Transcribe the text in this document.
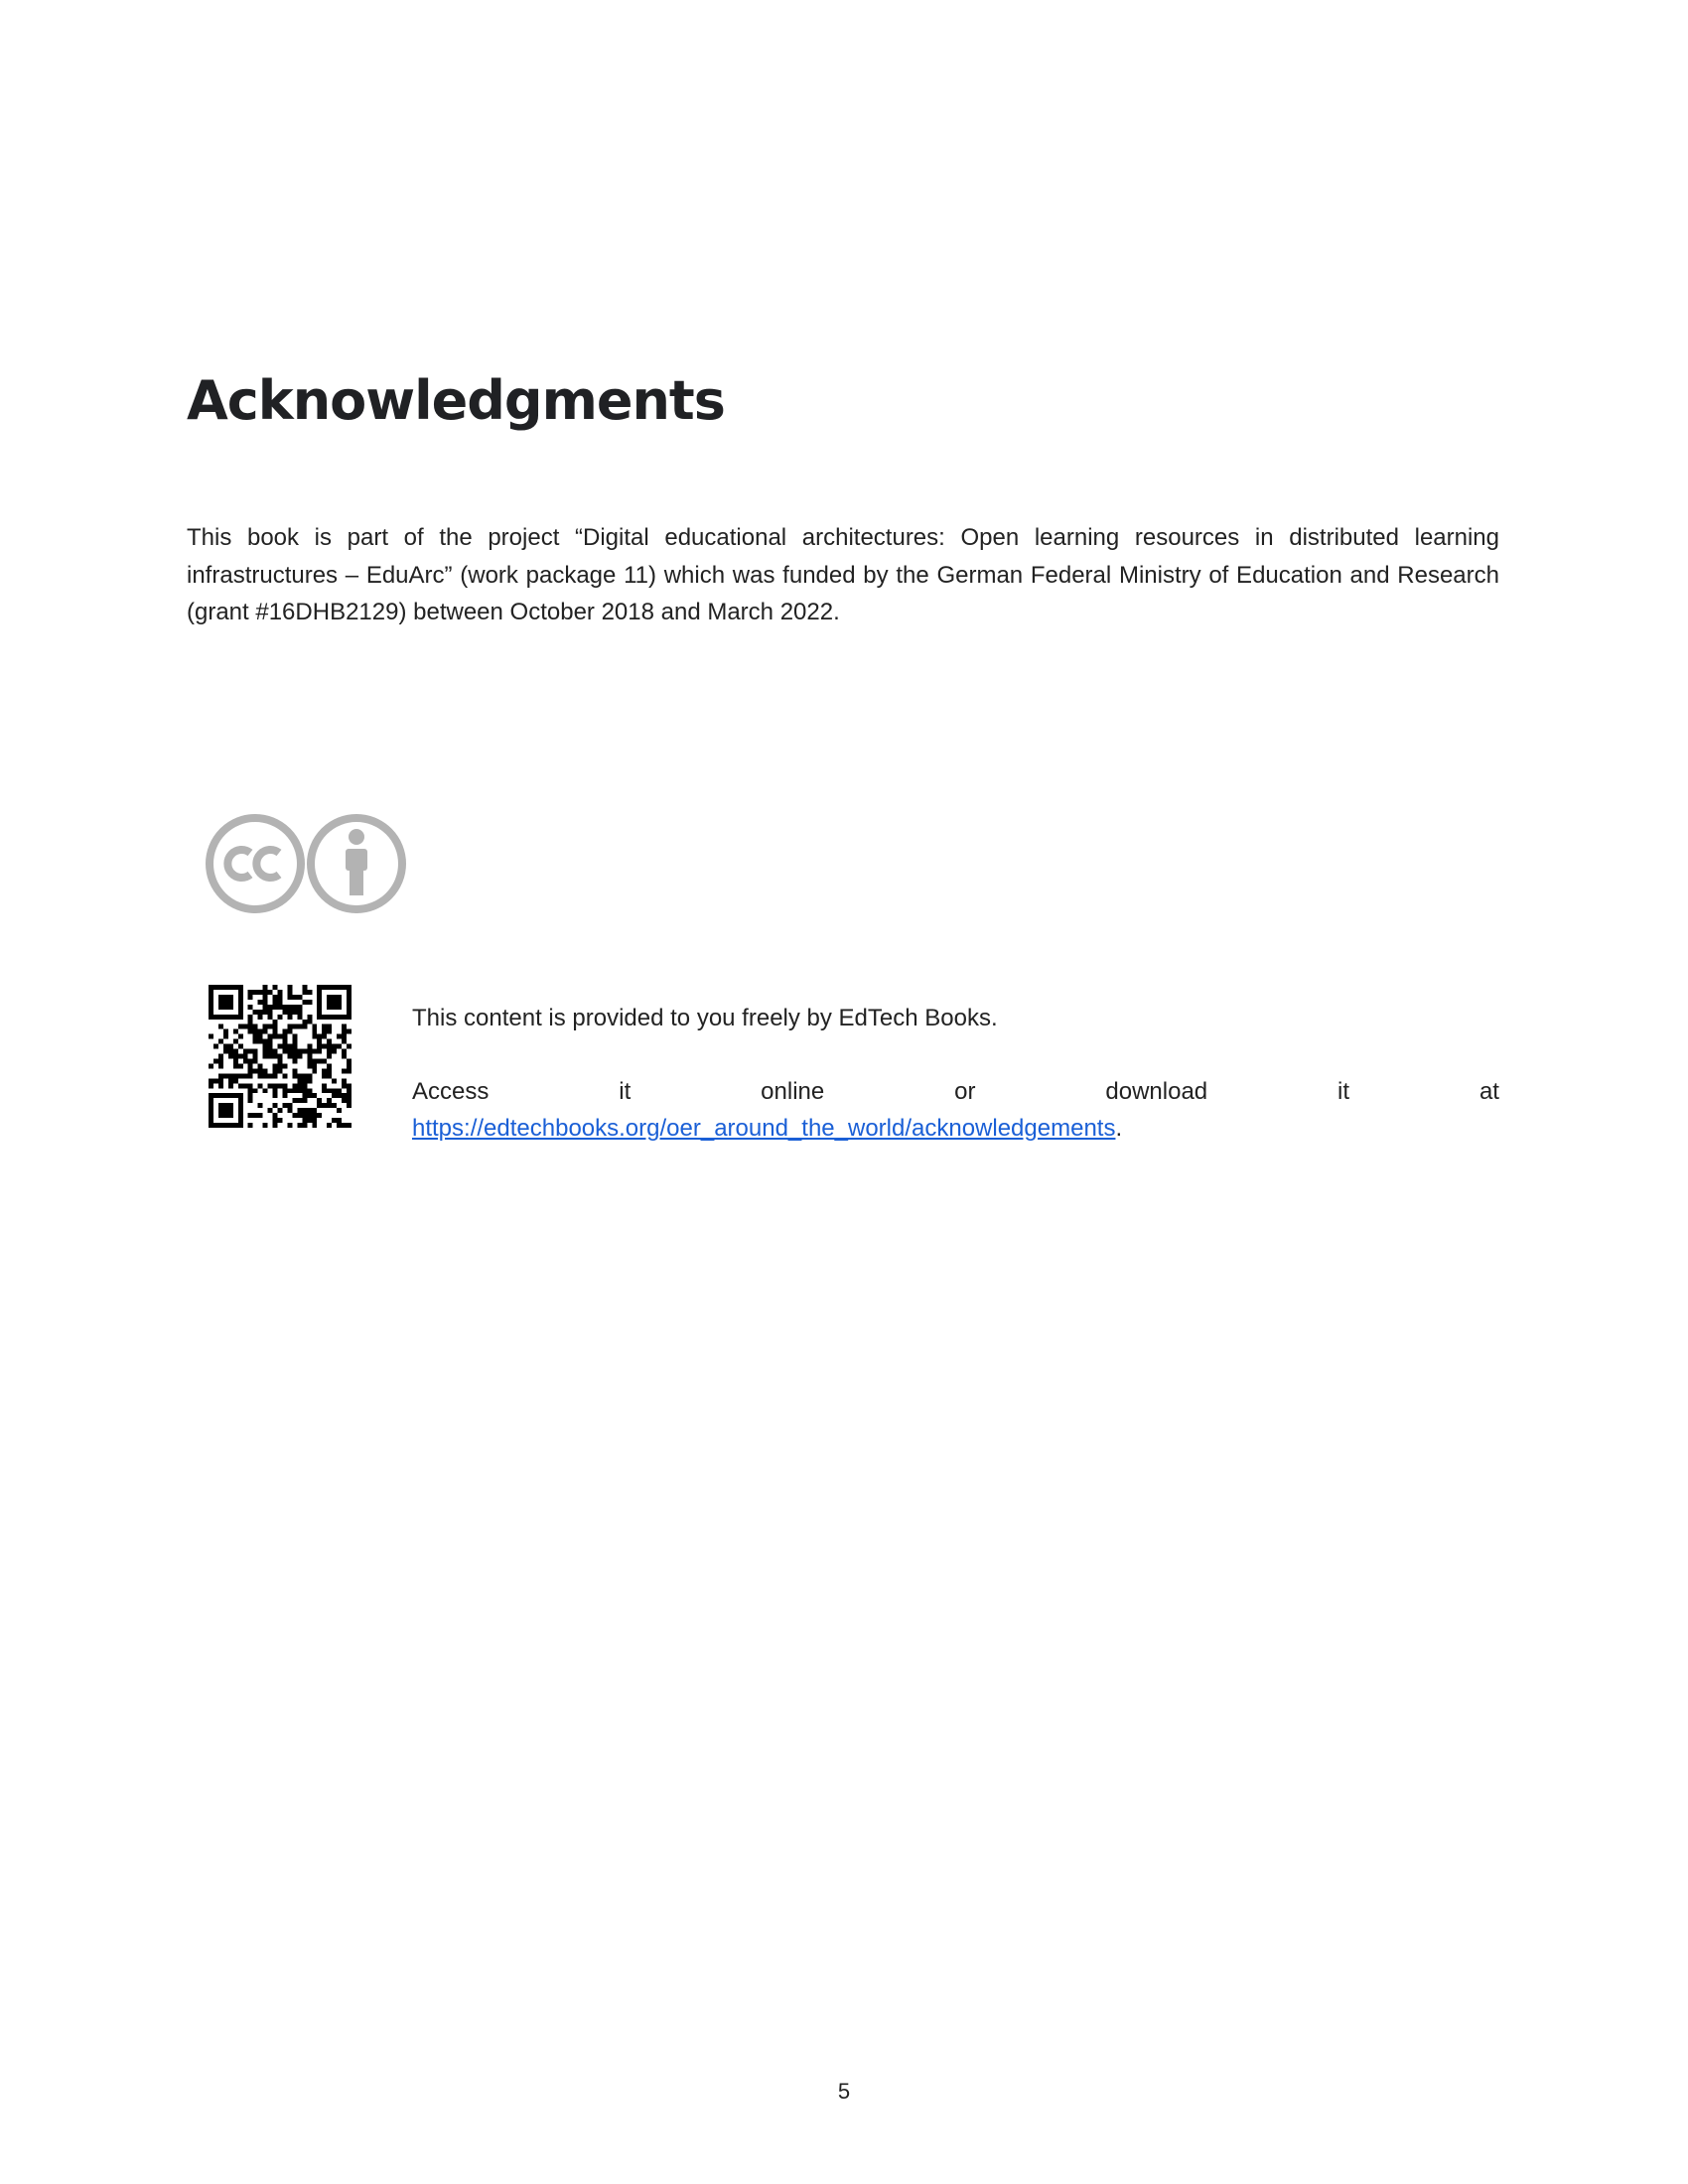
Acknowledgments

This book is part of the project “Digital educational architectures: Open learning resources in distributed learning infrastructures – EduArc” (work package 11) which was funded by the German Federal Ministry of Education and Research (grant #16DHB2129) between October 2018 and March 2022.

This content is provided to you freely by EdTech Books.

Access	it	online	or	download	it	at
https://edtechbooks.org/oer_around_the_world/acknowledgements.
5
